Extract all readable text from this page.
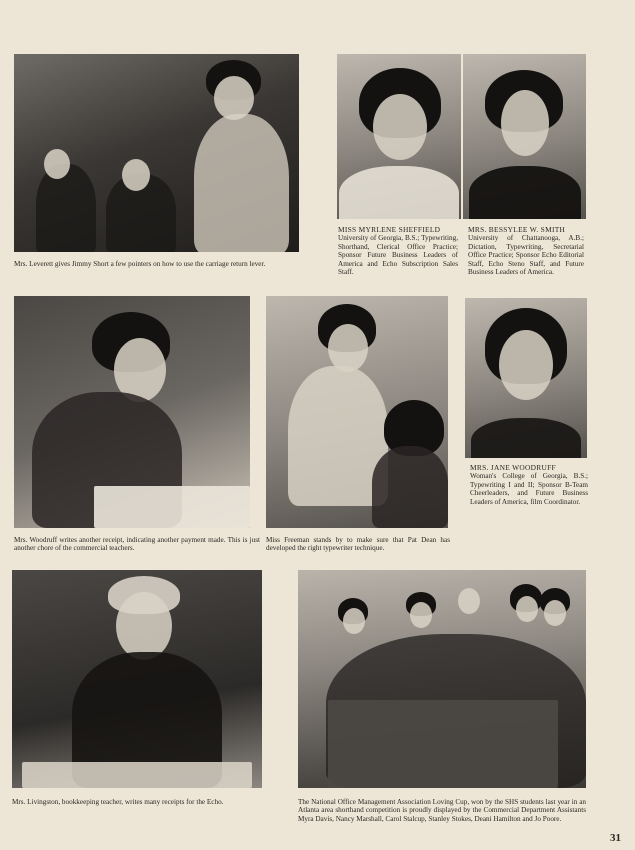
Mrs. Leverett gives Jimmy Short a few pointers on how to use the carriage return lever.
MISS MYRLENE SHEFFIELD
University of Georgia, B.S.; Typewriting, Shorthand, Clerical Office Practice; Sponsor Future Business Leaders of America and Echo Subscription Sales Staff.
MRS. BESSYLEE W. SMITH
University of Chattanooga, A.B.; Dictation, Typewriting, Secretarial Office Practice; Sponsor Echo Editorial Staff, Echo Steno Staff, and Future Business Leaders of America.
Mrs. Woodruff writes another receipt, indicating another payment made. This is just another chore of the commercial teachers.
Miss Freeman stands by to make sure that Pat Dean has developed the right typewriter technique.
MRS. JANE WOODRUFF
Woman's College of Georgia, B.S.; Typewriting I and II; Sponsor B-Team Cheerleaders, and Future Business Leaders of America, film Coordinator.
Mrs. Livingston, bookkeeping teacher, writes many receipts for the Echo.	The National Office Management Association Loving Cup, won by the SHS students last year in an Atlanta area shorthand competition is proudly displayed by the Commercial Department Assistants Myra Davis, Nancy Marshall, Carol Stalcup, Stanley Stokes, Deani Hamilton and Jo Poore.
31
